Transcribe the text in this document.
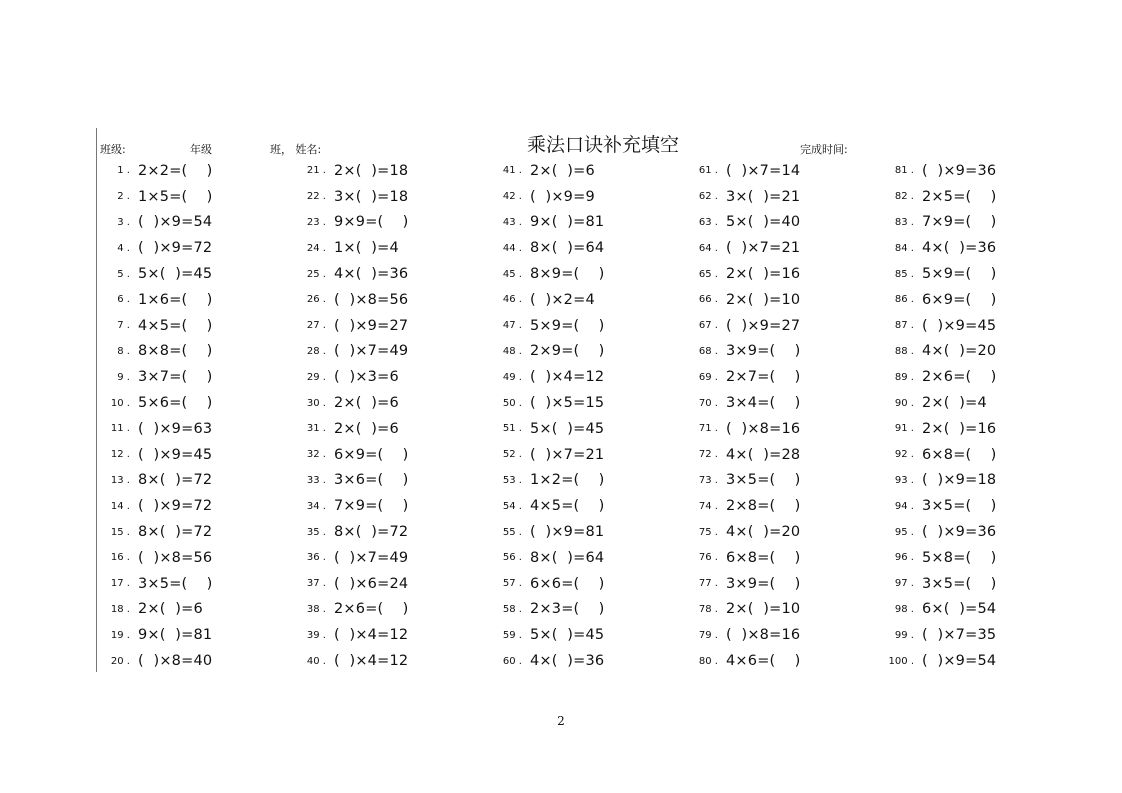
班级:	年级	班， 姓名:	乘法口诀补充填空	完成时间:
1 . 2×2=(    )
2 . 1×5=(    )
3 . (  )×9=54
4 . (  )×9=72
5 . 5×(  )=45
6 . 1×6=(    )
7 . 4×5=(    )
8 . 8×8=(    )
9 . 3×7=(    )
10 . 5×6=(    )
11 . (  )×9=63
12 . (  )×9=45
13 . 8×(  )=72
14 . (  )×9=72
15 . 8×(  )=72
16 . (  )×8=56
17 . 3×5=(    )
18 . 2×(  )=6
19 . 9×(  )=81
20 . (  )×8=40
21 . 2×(  )=18
22 . 3×(  )=18
23 . 9×9=(    )
24 . 1×(  )=4
25 . 4×(  )=36
26 . (  )×8=56
27 . (  )×9=27
28 . (  )×7=49
29 . (  )×3=6
30 . 2×(  )=6
31 . 2×(  )=6
32 . 6×9=(    )
33 . 3×6=(    )
34 . 7×9=(    )
35 . 8×(  )=72
36 . (  )×7=49
37 . (  )×6=24
38 . 2×6=(    )
39 . (  )×4=12
40 . (  )×4=12
41 . 2×(  )=6
42 . (  )×9=9
43 . 9×(  )=81
44 . 8×(  )=64
45 . 8×9=(    )
46 . (  )×2=4
47 . 5×9=(    )
48 . 2×9=(    )
49 . (  )×4=12
50 . (  )×5=15
51 . 5×(  )=45
52 . (  )×7=21
53 . 1×2=(    )
54 . 4×5=(    )
55 . (  )×9=81
56 . 8×(  )=64
57 . 6×6=(    )
58 . 2×3=(    )
59 . 5×(  )=45
60 . 4×(  )=36
61 . (  )×7=14
62 . 3×(  )=21
63 . 5×(  )=40
64 . (  )×7=21
65 . 2×(  )=16
66 . 2×(  )=10
67 . (  )×9=27
68 . 3×9=(    )
69 . 2×7=(    )
70 . 3×4=(    )
71 . (  )×8=16
72 . 4×(  )=28
73 . 3×5=(    )
74 . 2×8=(    )
75 . 4×(  )=20
76 . 6×8=(    )
77 . 3×9=(    )
78 . 2×(  )=10
79 . (  )×8=16
80 . 4×6=(    )
81 . (  )×9=36
82 . 2×5=(    )
83 . 7×9=(    )
84 . 4×(  )=36
85 . 5×9=(    )
86 . 6×9=(    )
87 . (  )×9=45
88 . 4×(  )=20
89 . 2×6=(    )
90 . 2×(  )=4
91 . 2×(  )=16
92 . 6×8=(    )
93 . (  )×9=18
94 . 3×5=(    )
95 . (  )×9=36
96 . 5×8=(    )
97 . 3×5=(    )
98 . 6×(  )=54
99 . (  )×7=35
100 . (  )×9=54
2
